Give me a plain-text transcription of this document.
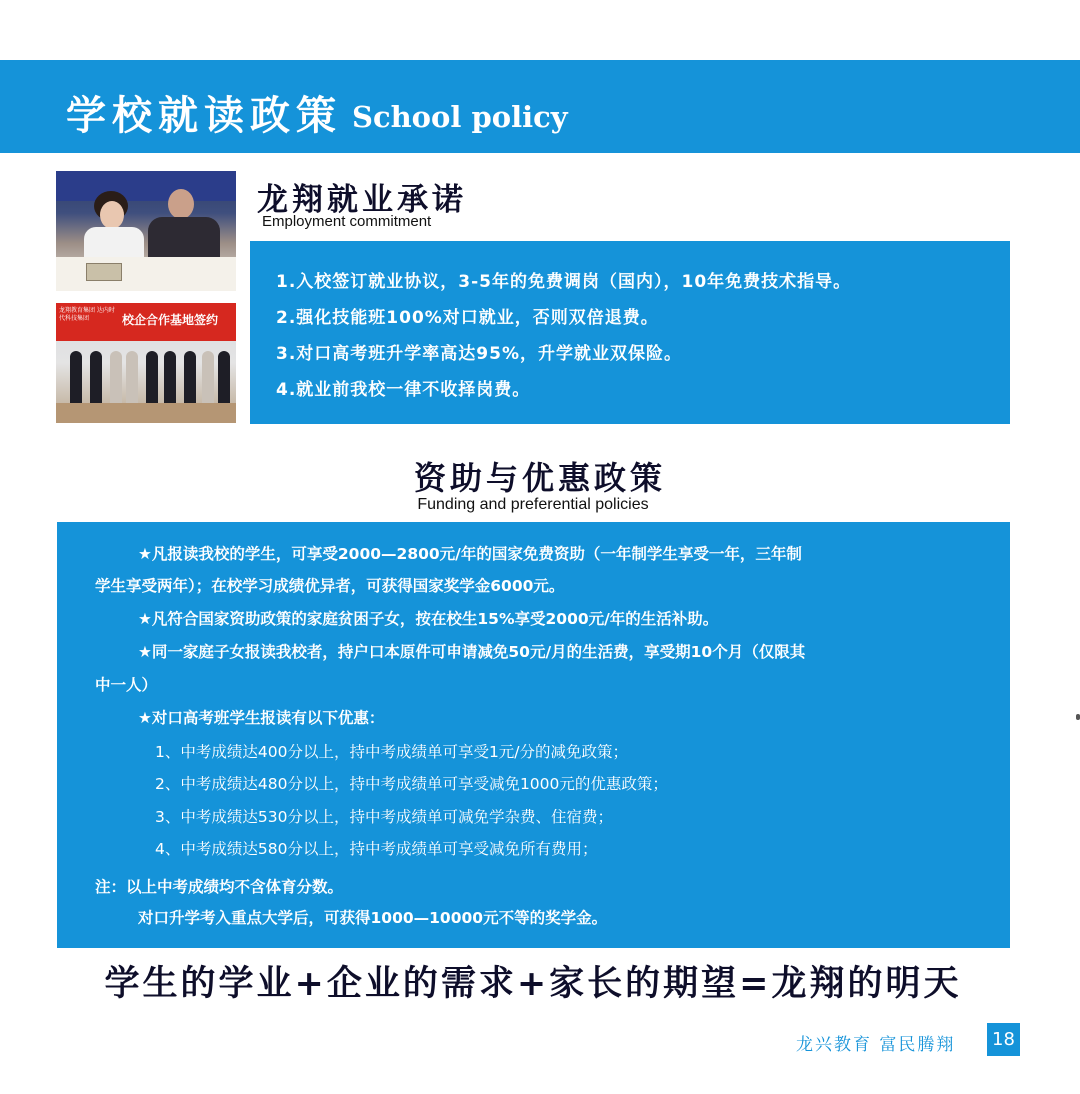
学校就读政策 School policy
龙翔教育集团 达内时代科技集团	校企合作基地签约
龙翔就业承诺
Employment commitment
1.入校签订就业协议，3-5年的免费调岗（国内），10年免费技术指导。
2.强化技能班100%对口就业，否则双倍退费。
3.对口高考班升学率高达95%，升学就业双保险。
4.就业前我校一律不收择岗费。
资助与优惠政策
Funding and preferential policies
★凡报读我校的学生，可享受2000—2800元/年的国家免费资助（一年制学生享受一年，三年制
学生享受两年）；在校学习成绩优异者，可获得国家奖学金6000元。
★凡符合国家资助政策的家庭贫困子女，按在校生15%享受2000元/年的生活补助。
★同一家庭子女报读我校者，持户口本原件可申请减免50元/月的生活费，享受期10个月（仅限其
中一人）
★对口高考班学生报读有以下优惠：
1、中考成绩达400分以上，持中考成绩单可享受1元/分的减免政策；
2、中考成绩达480分以上，持中考成绩单可享受减免1000元的优惠政策；
3、中考成绩达530分以上，持中考成绩单可减免学杂费、住宿费；
4、中考成绩达580分以上，持中考成绩单可享受减免所有费用；
注：以上中考成绩均不含体育分数。
对口升学考入重点大学后，可获得1000—10000元不等的奖学金。
学生的学业+企业的需求+家长的期望=龙翔的明天
龙兴教育 富民腾翔 18
